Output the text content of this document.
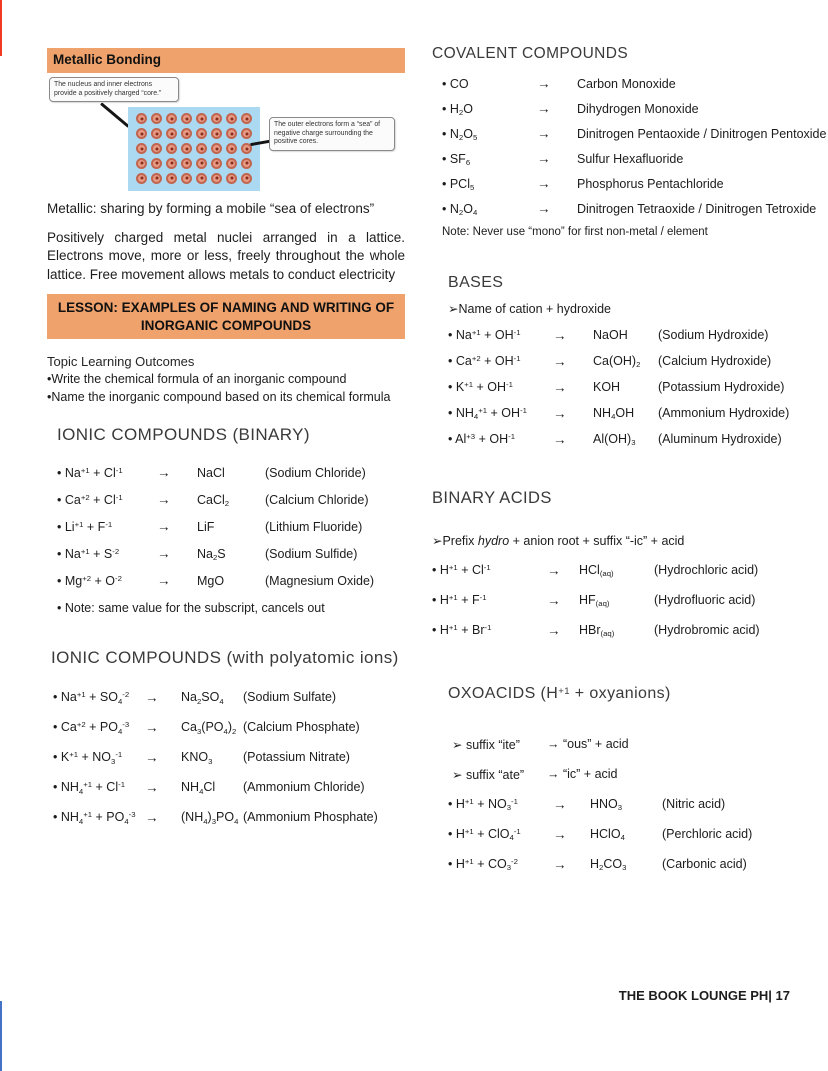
Metallic Bonding
The nucleus and inner electrons provide a positively charged “core.”
The outer electrons form a “sea” of negative charge surrounding the positive cores.
Metallic: sharing by forming a mobile “sea of electrons”

Positively charged metal nuclei arranged in a lattice. Electrons move, more or less, freely throughout the whole lattice. Free movement allows metals to conduct electricity

LESSON: EXAMPLES OF NAMING AND WRITING OF INORGANIC COMPOUNDS
Topic Learning Outcomes
•Write the chemical formula of an inorganic compound
•Name the inorganic compound based on its chemical formula
IONIC COMPOUNDS (BINARY)
• $Na^{+1} + Cl^{-1}$	→	NaCl	(Sodium Chloride)
• $Ca^{+2} + Cl^{-1}$	→	CaCl$_2$	(Calcium Chloride)
• $Li^{+1} + F^{-1}$	→	LiF	(Lithium Fluoride)
• $Na^{+1} + S^{-2}$	→	$Na_2S$	(Sodium Sulfide)
• $Mg^{+2} + O^{-2}$	→	MgO	(Magnesium Oxide)
• Note: same value for the subscript, cancels out
IONIC COMPOUNDS (with polyatomic ions)
• $Na^{+1} + SO_4^{-2}$	→	$Na_2SO_4$	(Sodium Sulfate)
• $Ca^{+2} + PO_4^{-3}$	→	$Ca_3(PO_4)_2$ (Calcium Phosphate)
• $K^{+1} + NO_3^{-1}$	→	$KNO_3$	(Potassium Nitrate)
• $NH_4^{+1} + Cl^{-1}$	→	$NH_4Cl$	(Ammonium Chloride)
• $NH_4^{+1} + PO_4^{-3}$ →	$(NH_4)_3PO_4$ (Ammonium Phosphate)
COVALENT COMPOUNDS
• CO	→	Carbon Monoxide
• $H_2O$	→	Dihydrogen Monoxide
• $N_2O_5$	→	Dinitrogen Pentaoxide / Dinitrogen Pentoxide
• $SF_6$	→	Sulfur Hexafluoride
• PCl$_5$	→	Phosphorus Pentachloride
• $N_2O_4$	→	Dinitrogen Tetraoxide / Dinitrogen Tetroxide
Note: Never use “mono” for first non-metal / element
BASES
➢Name of cation + hydroxide
• $Na^{+1} + OH^{-1}$	→	NaOH	(Sodium Hydroxide)
• $Ca^{+2} + OH^{-1}$	→	$Ca(OH)_2$	(Calcium Hydroxide)
• $K^{+1} + OH^{-1}$	→	KOH	(Potassium Hydroxide)
• $NH_4^{+1} + OH^{-1}$	→	$NH_4OH$	(Ammonium Hydroxide)
• $Al^{+3} + OH^{-1}$	→	$Al(OH)_3$	(Aluminum Hydroxide)
BINARY ACIDS
➢Prefix hydro + anion root + suffix “-ic” + acid
• $H^{+1} + Cl^{-1}$	→	HCl$_{(aq)}$	(Hydrochloric acid)
• $H^{+1} + F^{-1}$	→	$HF_{(aq)}$	(Hydrofluoric acid)
• $H^{+1} + Br^{-1}$	→	HBr$_{(aq)}$	(Hydrobromic acid)
OXOACIDS ($H^{+1}$ + oxyanions)
➢ suffix “ite”	→ “ous” + acid
➢ suffix “ate”	→ “ic” + acid
• $H^{+1} + NO_3^{-1}$	→	$HNO_3$	(Nitric acid)
• $H^{+1} + ClO_4^{-1}$	→	HClO$_4$	(Perchloric acid)
• $H^{+1} + CO_3^{-2}$	→	$H_2CO_3$	(Carbonic acid)
THE BOOK LOUNGE PH| 17
